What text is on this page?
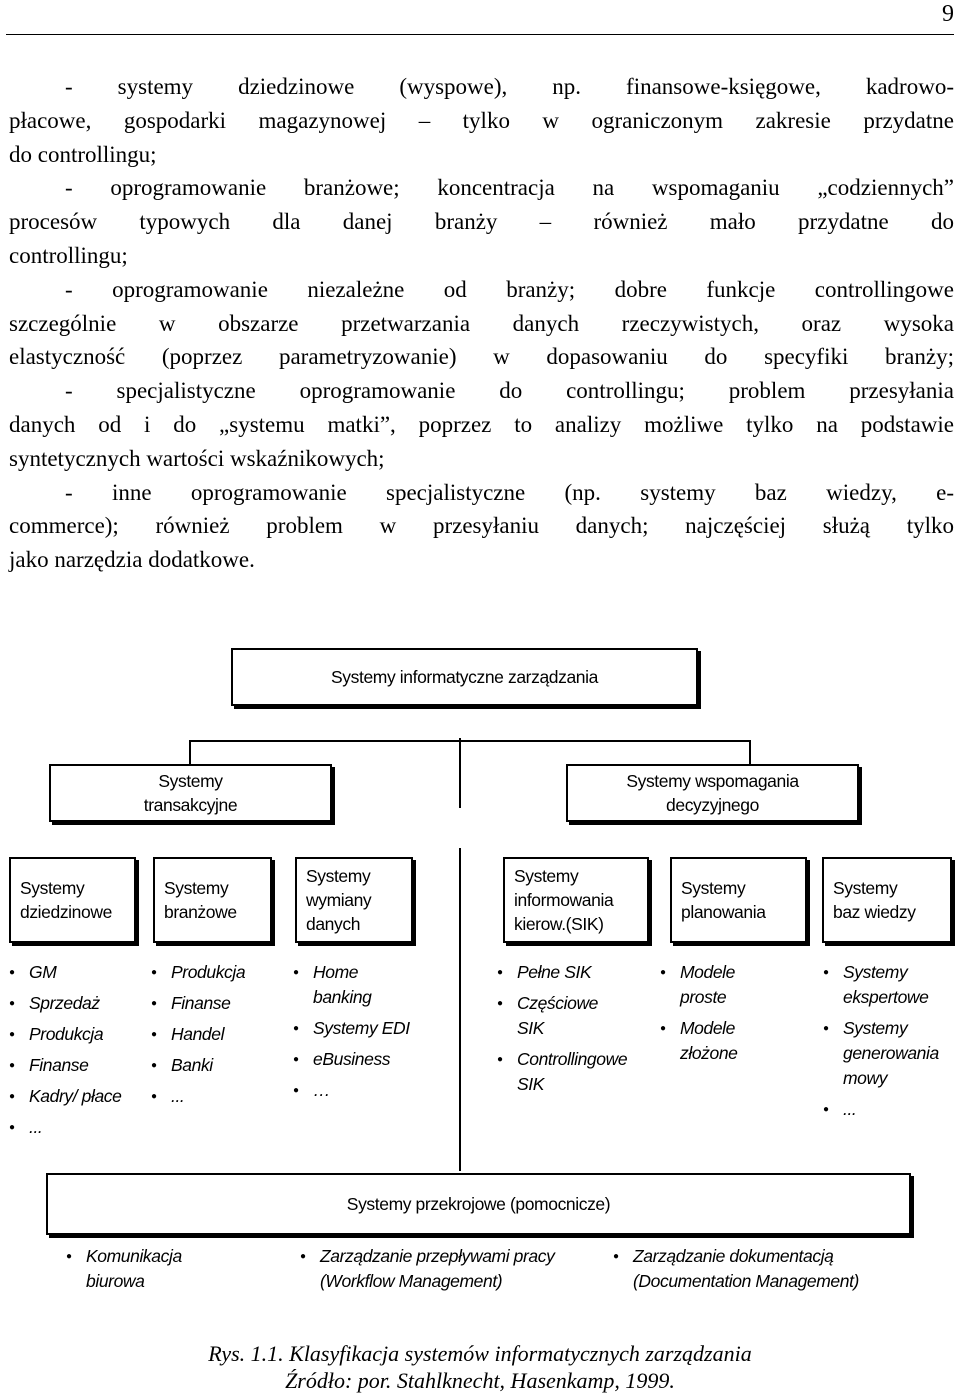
9
- systemy dziedzinowe (wyspowe), np. finansowe-księgowe, kadrowo-
płacowe, gospodarki magazynowej – tylko w ograniczonym zakresie przydatne
do controllingu;
- oprogramowanie branżowe; koncentracja na wspomaganiu „codziennych”
procesów typowych dla danej branży – również mało przydatne do
controllingu;
- oprogramowanie niezależne od branży; dobre funkcje controllingowe
szczególnie w obszarze przetwarzania danych rzeczywistych, oraz wysoka
elastyczność (poprzez parametryzowanie) w dopasowaniu do specyfiki branży;
- specjalistyczne oprogramowanie do controllingu; problem przesyłania
danych od i do „systemu matki”, poprzez to analizy możliwe tylko na podstawie
syntetycznych wartości wskaźnikowych;
- inne oprogramowanie specjalistyczne (np. systemy baz wiedzy, e-
commerce); również problem w przesyłaniu danych; najczęściej służą tylko
jako narzędzia dodatkowe.
Systemy informatyczne zarządzania
Systemy
transakcyjne
Systemy wspomagania
decyzyjnego
Systemy
dziedzinowe
Systemy
branżowe
Systemy
wymiany
danych
Systemy
informowania
kierow.(SIK)
Systemy
planowania
Systemy
baz wiedzy
● GM
● Sprzedaż
● Produkcja
● Finanse
● Kadry/ płace
● ...
● Produkcja
● Finanse
● Handel
● Banki
● ...
● Home
banking
● Systemy EDI
● eBusiness
● …
● Pełne SIK
● Częściowe
SIK
● Controllingowe
SIK
● Modele
proste
● Modele
złożone
● Systemy
ekspertowe
● Systemy
generowania
mowy
● ...
Systemy przekrojowe (pomocnicze)
● Komunikacja
biurowa
● Zarządzanie przepływami pracy
(Workflow Management)
● Zarządzanie dokumentacją
(Documentation Management)
Rys. 1.1. Klasyfikacja systemów informatycznych zarządzania
Źródło: por. Stahlknecht, Hasenkamp, 1999.
